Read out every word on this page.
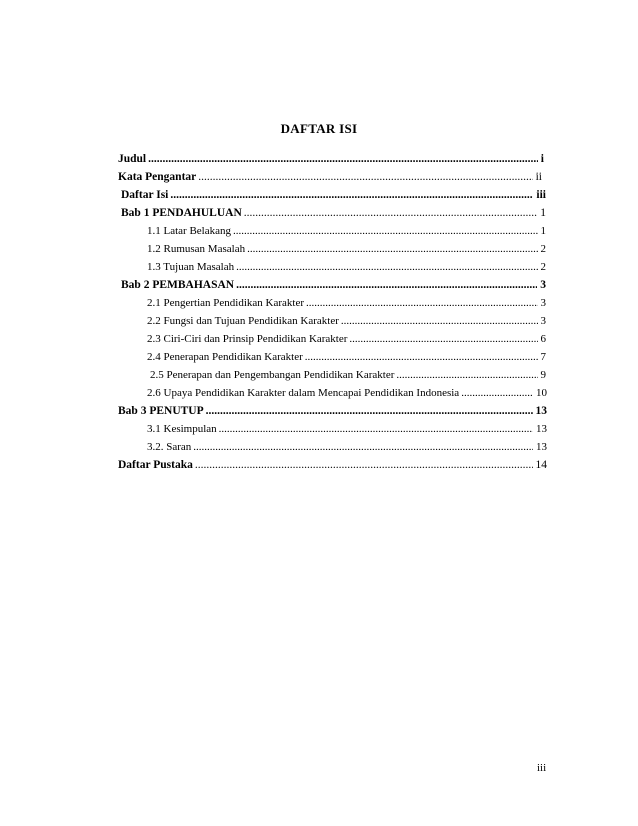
DAFTAR ISI
Judul .....	i
Kata Pengantar .....	ii
Daftar Isi .....	iii
Bab 1 PENDAHULUAN .....	1
1.1 Latar Belakang .....	1
1.2 Rumusan Masalah .....	2
1.3 Tujuan Masalah .....	2
Bab 2 PEMBAHASAN .....	3
2.1 Pengertian Pendidikan Karakter .....	3
2.2 Fungsi dan Tujuan Pendidikan Karakter .....	3
2.3 Ciri-Ciri dan Prinsip Pendidikan Karakter .....	6
2.4 Penerapan Pendidikan Karakter .....	7
2.5 Penerapan dan Pengembangan Pendidikan Karakter .....	9
2.6 Upaya Pendidikan Karakter dalam Mencapai Pendidikan Indonesia .....	10
Bab 3 PENUTUP .....	13
3.1 Kesimpulan .....	13
3.2. Saran .....	13
Daftar Pustaka .....	14
iii
